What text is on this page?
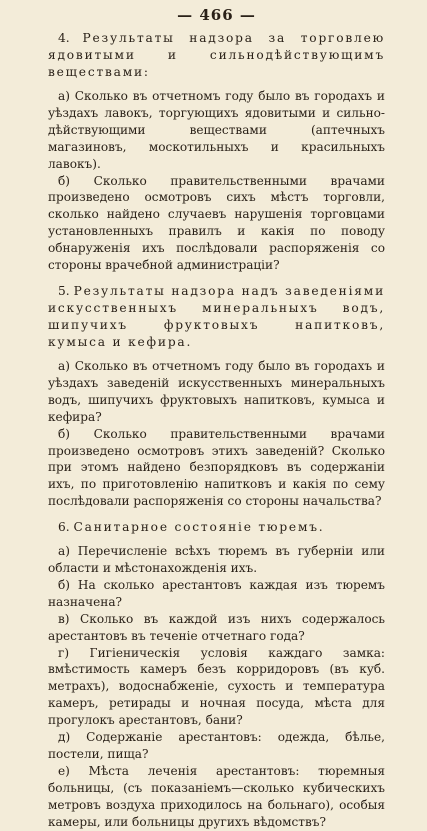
— 466 —

4. Результаты надзора за торговлею ядовитыми и сильнодѣйствующимъ веществами:

а) Сколько въ отчетномъ году было въ городахъ и уѣздахъ лавокъ, торгующихъ ядовитыми и сильно-дѣйствующими веществами (аптечныхъ магазиновъ, москотильныхъ и красильныхъ лавокъ).

б) Сколько правительственными врачами произведено осмотровъ сихъ мѣстъ торговли, сколько найдено случаевъ нарушенія торговцами установленныхъ правилъ и какія по поводу обнаруженія ихъ послѣдовали распоряженія со стороны врачебной администраціи?

5. Результаты надзора надъ заведеніями искусственныхъ минеральныхъ водъ, шипучихъ фруктовыхъ напитковъ, кумыса и кефира.

а) Сколько въ отчетномъ году было въ городахъ и уѣздахъ заведеній искусственныхъ минеральныхъ водъ, шипучихъ фруктовыхъ напитковъ, кумыса и кефира?

б) Сколько правительственными врачами произведено осмотровъ этихъ заведеній? Сколько при этомъ найдено безпорядковъ въ содержаніи ихъ, по приготовленію напитковъ и какія по сему послѣдовали распоряженія со стороны начальства?

6. Санитарное состояніе тюремъ.

а) Перечисленіе всѣхъ тюремъ въ губерніи или области и мѣстонахожденія ихъ.

б) На сколько арестантовъ каждая изъ тюремъ назначена?

в) Сколько въ каждой изъ нихъ содержалось арестантовъ въ теченіе отчетнаго года?

г) Гигіеническія условія каждаго замка: вмѣстимость камеръ безъ корридоровъ (въ куб. метрахъ), водоснабженіе, сухость и температура камеръ, ретирады и ночная посуда, мѣста для прогулокъ арестантовъ, бани?

д) Содержаніе арестантовъ: одежда, бѣлье, постели, пища?

е) Мѣста леченія арестантовъ: тюремныя больницы, (съ показаніемъ—сколько кубическихъ метровъ воздуха приходилось на больнаго), особыя камеры, или больницы другихъ вѣдомствъ?
